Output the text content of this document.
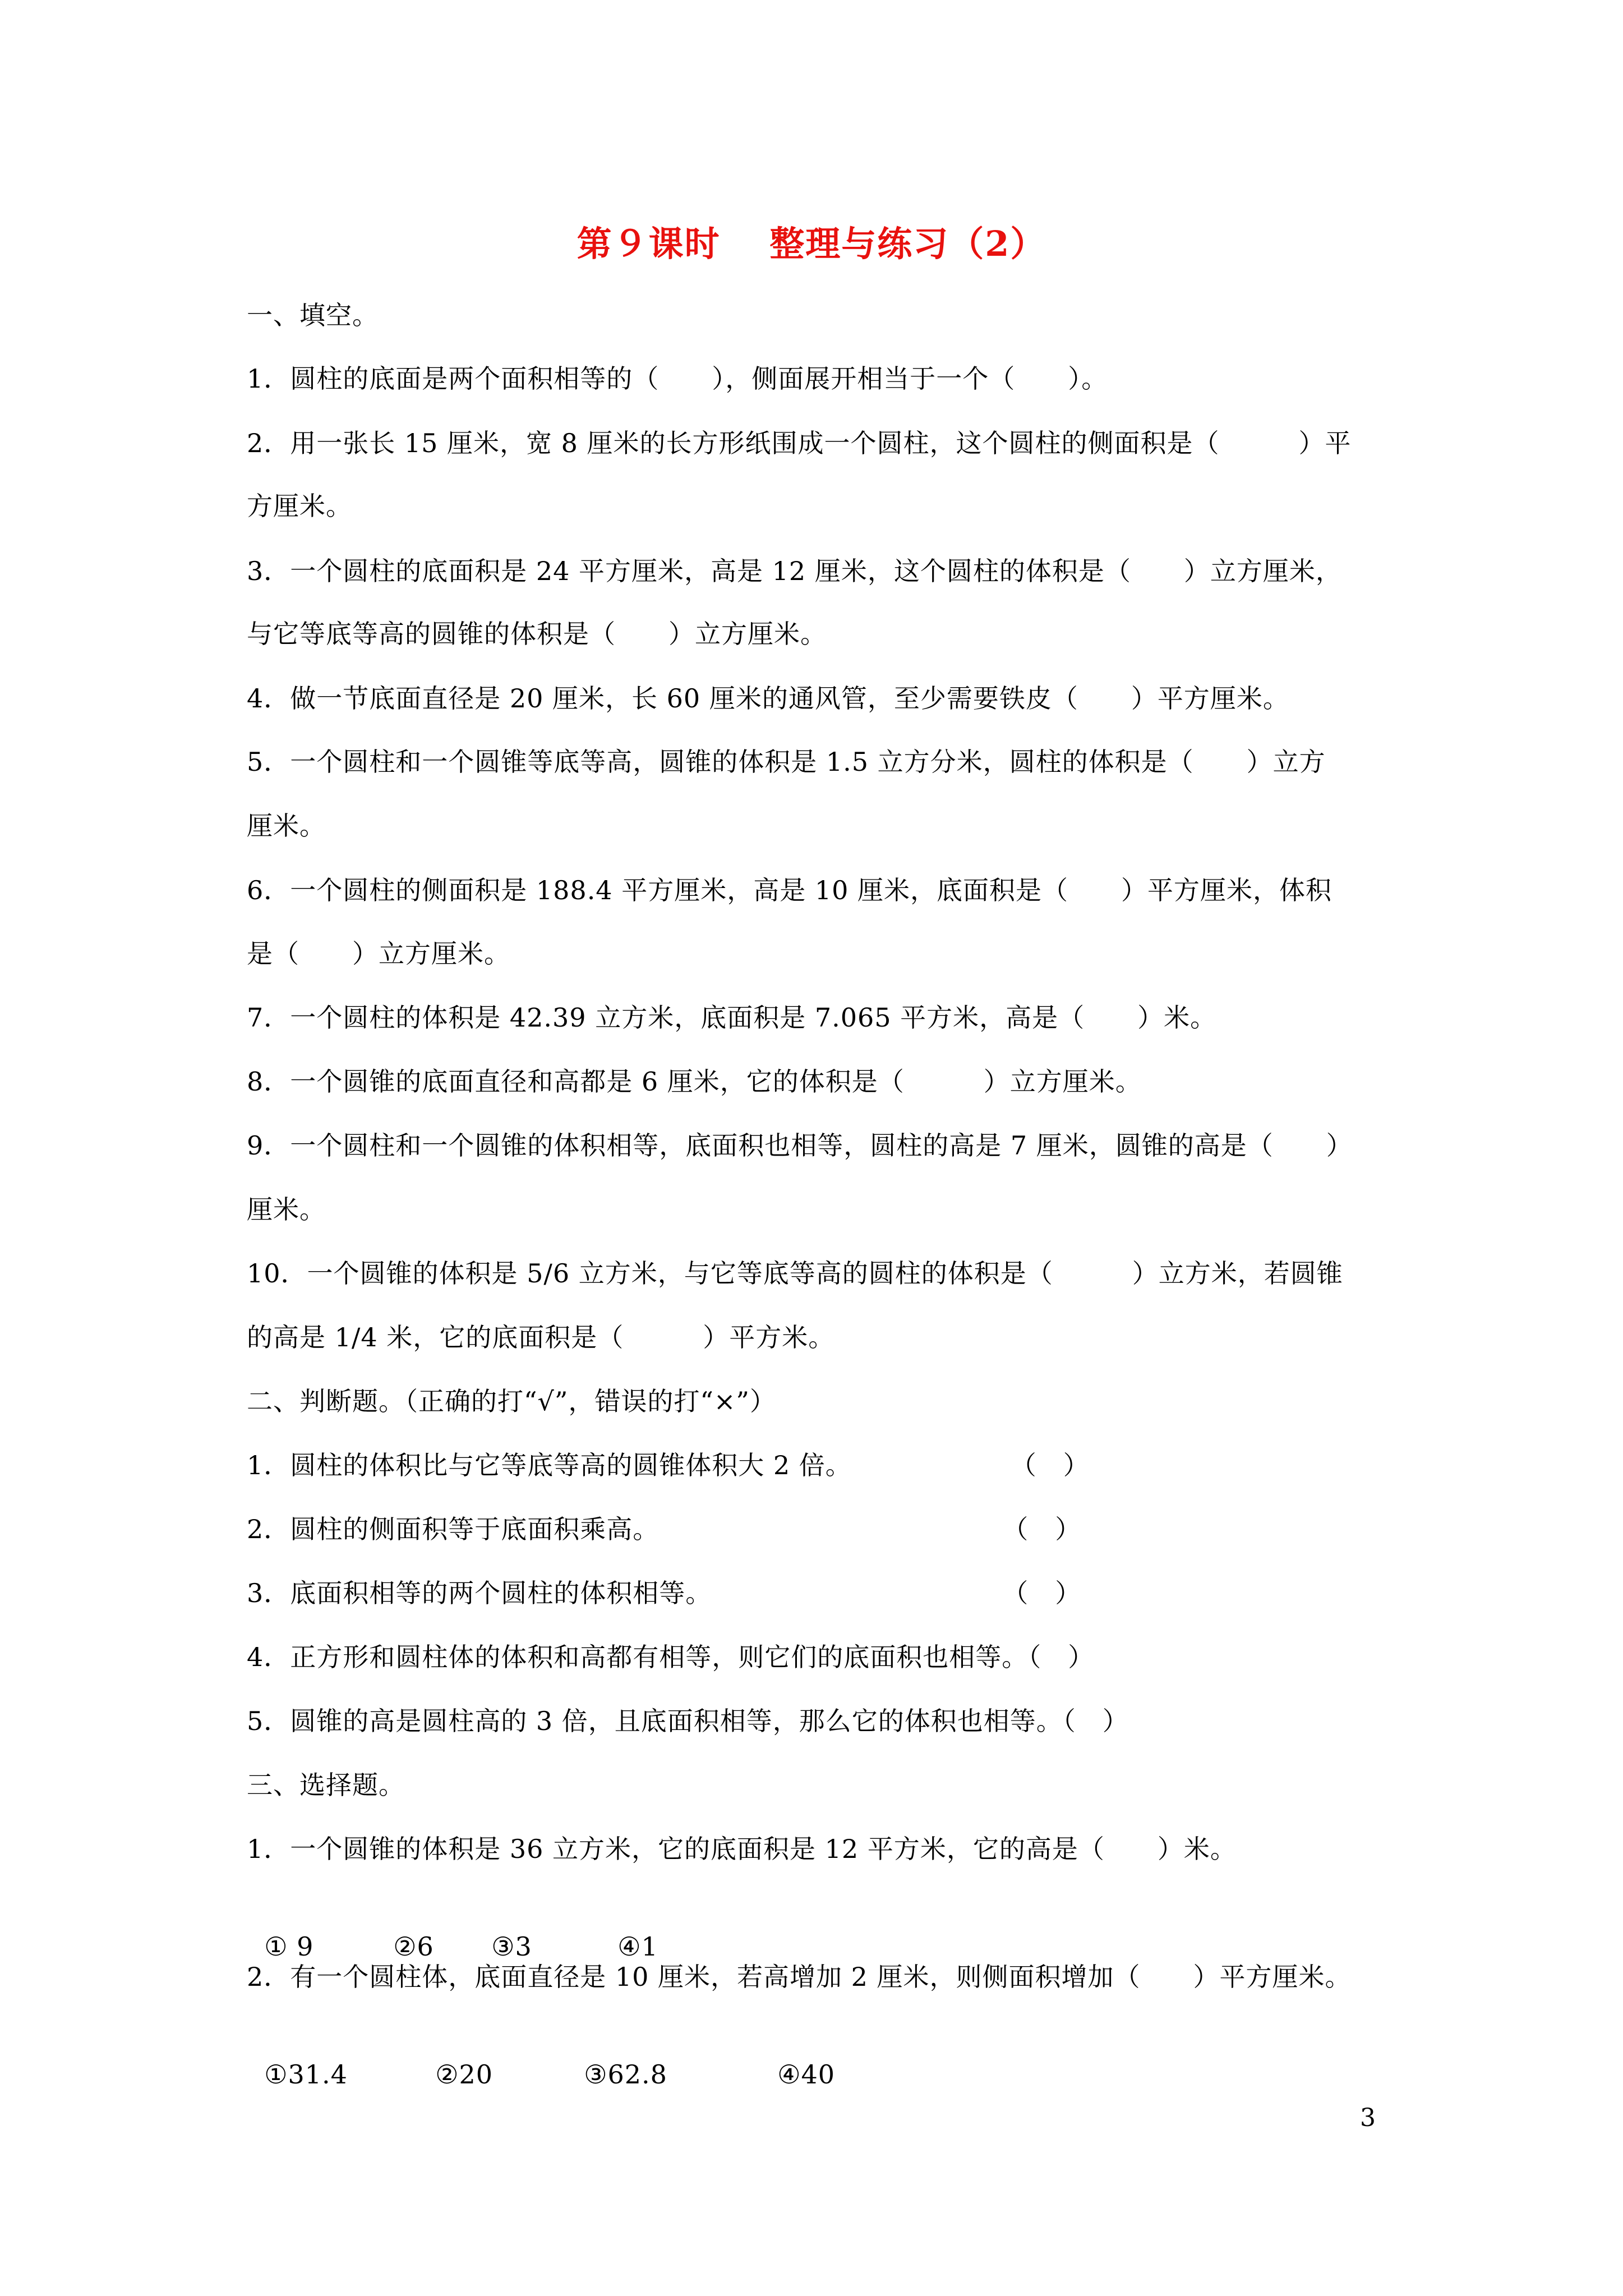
第９课时　 整理与练习（2）
一、填空。
1．圆柱的底面是两个面积相等的（　　），侧面展开相当于一个（　　）。
2．用一张长 15 厘米，宽 8 厘米的长方形纸围成一个圆柱，这个圆柱的侧面积是（　　　）平
方厘米。
3．一个圆柱的底面积是 24 平方厘米，高是 12 厘米，这个圆柱的体积是（　　）立方厘米，
与它等底等高的圆锥的体积是（　　）立方厘米。
4．做一节底面直径是 20 厘米，长 60 厘米的通风管，至少需要铁皮（　　）平方厘米。
5．一个圆柱和一个圆锥等底等高，圆锥的体积是 1.5 立方分米，圆柱的体积是（　　）立方
厘米。
6．一个圆柱的侧面积是 188.4 平方厘米，高是 10 厘米，底面积是（　　）平方厘米，体积
是（　　）立方厘米。
7．一个圆柱的体积是 42.39 立方米，底面积是 7.065 平方米，高是（　　）米。
8．一个圆锥的底面直径和高都是 6 厘米，它的体积是（　　　）立方厘米。
9．一个圆柱和一个圆锥的体积相等，底面积也相等，圆柱的高是 7 厘米，圆锥的高是（　　）
厘米。
10．一个圆锥的体积是 5/6 立方米，与它等底等高的圆柱的体积是（　　　）立方米，若圆锥
的高是 1/4 米，它的底面积是（　　　）平方米。
二、判断题。（正确的打“√”，错误的打“×”）
1．圆柱的体积比与它等底等高的圆锥体积大 2 倍。　　　　　　　（　）
2．圆柱的侧面积等于底面积乘高。　　　　　　　　　　　　　　（　）
3．底面积相等的两个圆柱的体积相等。　　　　　　　　　　　　（　）
4．正方形和圆柱体的体积和高都有相等，则它们的底面积也相等。（　）
5．圆锥的高是圆柱高的 3 倍，且底面积相等，那么它的体积也相等。（　）
三、选择题。
1．一个圆锥的体积是 36 立方米，它的底面积是 12 平方米，它的高是（　　）米。

① 9	②6 ③3	④1

2．有一个圆柱体，底面直径是 10 厘米，若高增加 2 厘米，则侧面积增加（　　）平方厘米。

①31.4	②20	③62.8	④40

3
